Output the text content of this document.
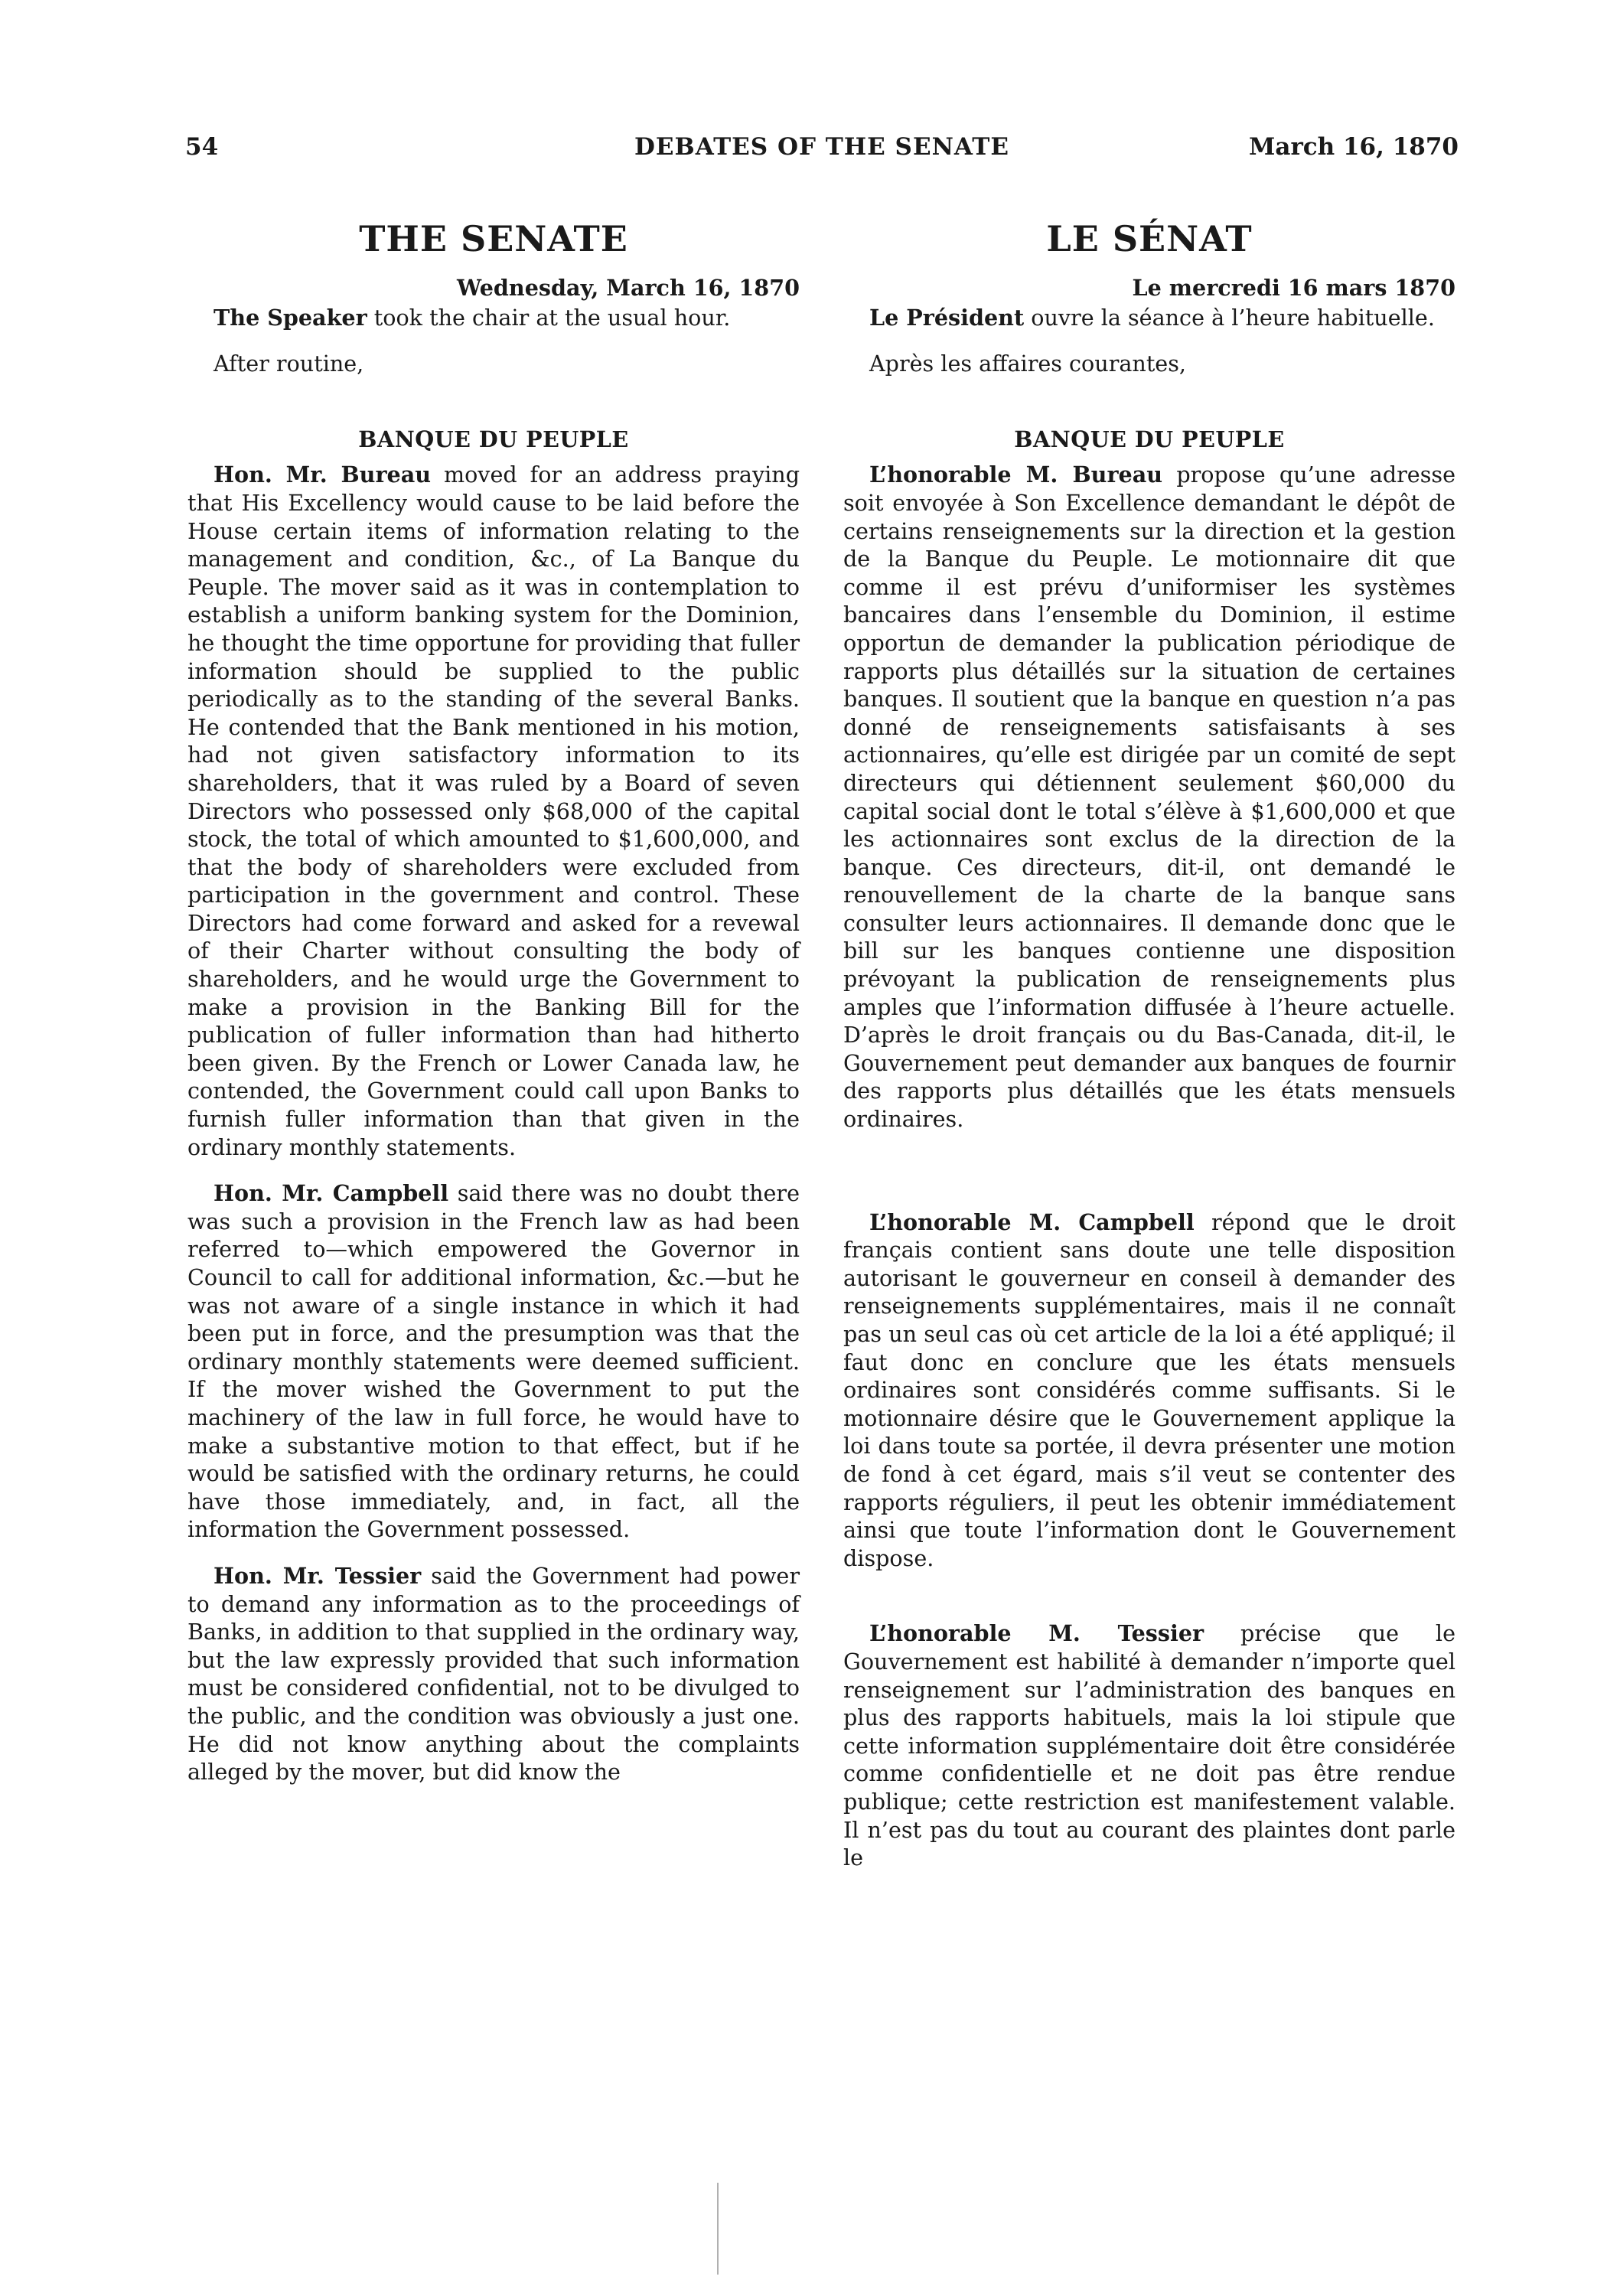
54	DEBATES OF THE SENATE	March 16, 1870
THE SENATE
Wednesday, March 16, 1870

The Speaker took the chair at the usual hour.

After routine,

BANQUE DU PEUPLE

Hon. Mr. Bureau moved for an address praying that His Excellency would cause to be laid before the House certain items of information relating to the management and condition, &c., of La Banque du Peuple. The mover said as it was in contemplation to establish a uniform banking system for the Dominion, he thought the time opportune for providing that fuller information should be supplied to the public periodically as to the standing of the several Banks. He contended that the Bank mentioned in his motion, had not given satisfactory information to its shareholders, that it was ruled by a Board of seven Directors who possessed only $68,000 of the capital stock, the total of which amounted to $1,600,000, and that the body of shareholders were excluded from participation in the government and control. These Directors had come forward and asked for a revewal of their Charter without consulting the body of shareholders, and he would urge the Government to make a provision in the Banking Bill for the publication of fuller information than had hitherto been given. By the French or Lower Canada law, he contended, the Government could call upon Banks to furnish fuller information than that given in the ordinary monthly statements.

Hon. Mr. Campbell said there was no doubt there was such a provision in the French law as had been referred to—which empowered the Governor in Council to call for additional information, &c.—but he was not aware of a single instance in which it had been put in force, and the presumption was that the ordinary monthly statements were deemed sufficient. If the mover wished the Government to put the machinery of the law in full force, he would have to make a substantive motion to that effect, but if he would be satisfied with the ordinary returns, he could have those immediately, and, in fact, all the information the Government possessed.

Hon. Mr. Tessier said the Government had power to demand any information as to the proceedings of Banks, in addition to that supplied in the ordinary way, but the law expressly provided that such information must be considered confidential, not to be divulged to the public, and the condition was obviously a just one. He did not know anything about the complaints alleged by the mover, but did know the

LE SÉNAT
Le mercredi 16 mars 1870

Le Président ouvre la séance à l’heure habituelle.

Après les affaires courantes,

BANQUE DU PEUPLE

L’honorable M. Bureau propose qu’une adresse soit envoyée à Son Excellence demandant le dépôt de certains renseignements sur la direction et la gestion de la Banque du Peuple. Le motionnaire dit que comme il est prévu d’uniformiser les systèmes bancaires dans l’ensemble du Dominion, il estime opportun de demander la publication périodique de rapports plus détaillés sur la situation de certaines banques. Il soutient que la banque en question n’a pas donné de renseignements satisfaisants à ses actionnaires, qu’elle est dirigée par un comité de sept directeurs qui détiennent seulement $60,000 du capital social dont le total s’élève à $1,600,000 et que les actionnaires sont exclus de la direction de la banque. Ces directeurs, dit-il, ont demandé le renouvellement de la charte de la banque sans consulter leurs actionnaires. Il demande donc que le bill sur les banques contienne une disposition prévoyant la publication de renseignements plus amples que l’information diffusée à l’heure actuelle. D’après le droit français ou du Bas-Canada, dit-il, le Gouvernement peut demander aux banques de fournir des rapports plus détaillés que les états mensuels ordinaires.

L’honorable M. Campbell répond que le droit français contient sans doute une telle disposition autorisant le gouverneur en conseil à demander des renseignements supplémentaires, mais il ne connaît pas un seul cas où cet article de la loi a été appliqué; il faut donc en conclure que les états mensuels ordinaires sont considérés comme suffisants. Si le motionnaire désire que le Gouvernement applique la loi dans toute sa portée, il devra présenter une motion de fond à cet égard, mais s’il veut se contenter des rapports réguliers, il peut les obtenir immédiatement ainsi que toute l’information dont le Gouvernement dispose.

L’honorable M. Tessier précise que le Gouvernement est habilité à demander n’importe quel renseignement sur l’administration des banques en plus des rapports habituels, mais la loi stipule que cette information supplémentaire doit être considérée comme confidentielle et ne doit pas être rendue publique; cette restriction est manifestement valable. Il n’est pas du tout au courant des plaintes dont parle le
